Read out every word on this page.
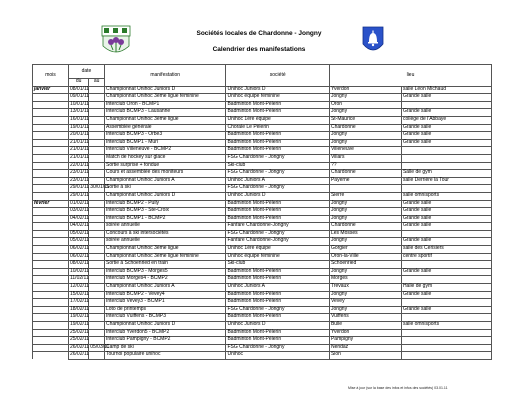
Sociétés locales de Chardonne - Jongny
Calendrier des manifestations
mois	date		manifestation	société	lieu	
	du	au				
janvier	08/01/11		Championnat Unihoc Juniors D	Unihoc Juniors D	Yverdon	salle Léon Michaud
	09/01/11		Championnat Unihoc 3ème ligue féminine	Unihoc équipe féminine	Jongny	Grande salle
	10/01/11		Interclub Oron - BCMP1	Badminton Mont-Pèlerin	Oron	
	13/01/11		Interclub BCMP3 - Lausanne	Badminton Mont-Pèlerin	Jongny	Grande salle
	16/01/11		Championnat Unihoc 3ème ligue	Unihoc 1ère équipe	St-Maurice	collège de l'Abbaye
	19/01/11		Assemblée générale	Chorale Le Pèlerin	Chardonne	Grande salle
	20/01/11		Interclub BCMP3 - Orbe3	Badminton Mont-Pèlerin	Jongny	Grande salle
	21/01/11		Interclub BCMP1 - Muri	Badminton Mont-Pèlerin	Jongny	Grande salle
	21/01/11		Interclub Villeneuve - BCMP2	Badminton Mont-Pèlerin	Villeneuve	
	21/01/11		Match de hockey sur glace	FSG Chardonne - Jongny	Villars	
	22/01/11		Sortie surprise + fondue	Ski-club	??	
	23/01/11		Cours et assemblée des moniteurs	FSG Chardonne - Jongny	Chardonne	Salle de gym
	23/01/11		Championnat Unihoc Juniors A	Unihoc Juniors A	Payerne	salle Derrière la Tour
	29/01/11	30/01/11	Sortie à ski	FSG Chardonne - Jongny		
	29/01/11		Championnat Unihoc Juniors D	Unihoc Juniors D	Sierre	salle omnisports
février	01/02/11		Interclub BCMP2 - Pully	Badminton Mont-Pèlerin	Jongny	Grande salle
	03/02/11		Interclub BCMP3 - Ste-Croix	Badminton Mont-Pèlerin	Jongny	Grande salle
	04/02/11		Interclub BCMP1 - BCMP2	Badminton Mont-Pèlerin	Jongny	Grande salle
	04/02/11		soirée annuelle	Fanfare Chardonne-Jongny	Chardonne	Grande salle
	05/02/11		Concours à ski intersociétés	FSG Chardonne - Jongny	Les Mosses	
	05/02/11		soirée annuelle	Fanfare Chardonne-Jongny	Jongny	Grande salle
	06/02/11		Championnat Unihoc 3ème ligue	Unihoc 1ère équipe	Gorgier	salle des Cerisiers
	06/02/11		Championnat Unihoc 3ème ligue féminine	Unihoc équipe féminine	Oron-la-Ville	centre sportif
	08/02/11		Sortie à Schoenried en train	Ski-club	Schoenried	
	10/02/11		Interclub BCMP3 - Morges5	Badminton Mont-Pèlerin	Jongny	Grande salle
	11/02/11		Interclub Morges4 - BCMP2	Badminton Mont-Pèlerin	Morges	
	12/02/11		Championnat Unihoc Juniors A	Unihoc Juniors A	Trevaux	Halle de gym
	15/02/11		Interclub BCMP2 - Vevey4	Badminton Mont-Pèlerin	Jongny	Grande salle
	17/02/11		Interclub Vevey3 - BCMP1	Badminton Mont-Pèlerin	Vevey	
	18/02/11		Loto de printemps	FSG Chardonne - Jongny	Jongny	Grande salle
	19/02/11		Interclub Vuiffens - BCMP3	Badminton Mont-Pèlerin	Vuiffens	
	19/02/11		Championnat Unihoc Juniors D	Unihoc Juniors D	Bulle	salle omnisports
	25/02/11		Interclub Yverdon5 - BCMP2	Badminton Mont-Pèlerin	Yverdon	
	25/02/11		Interclub Pampigny - BCMP2	Badminton Mont-Pèlerin	Pampigny	
	26/02/11	05/03/11	Camp de ski	FSG Chardonne - Jongny	Nendaz	
	26/02/11		Tournoi populaire unihoc	Unihoc	Sion	
Mise à jour (sur la base des infos et infos des sociétés) 03.01.11
